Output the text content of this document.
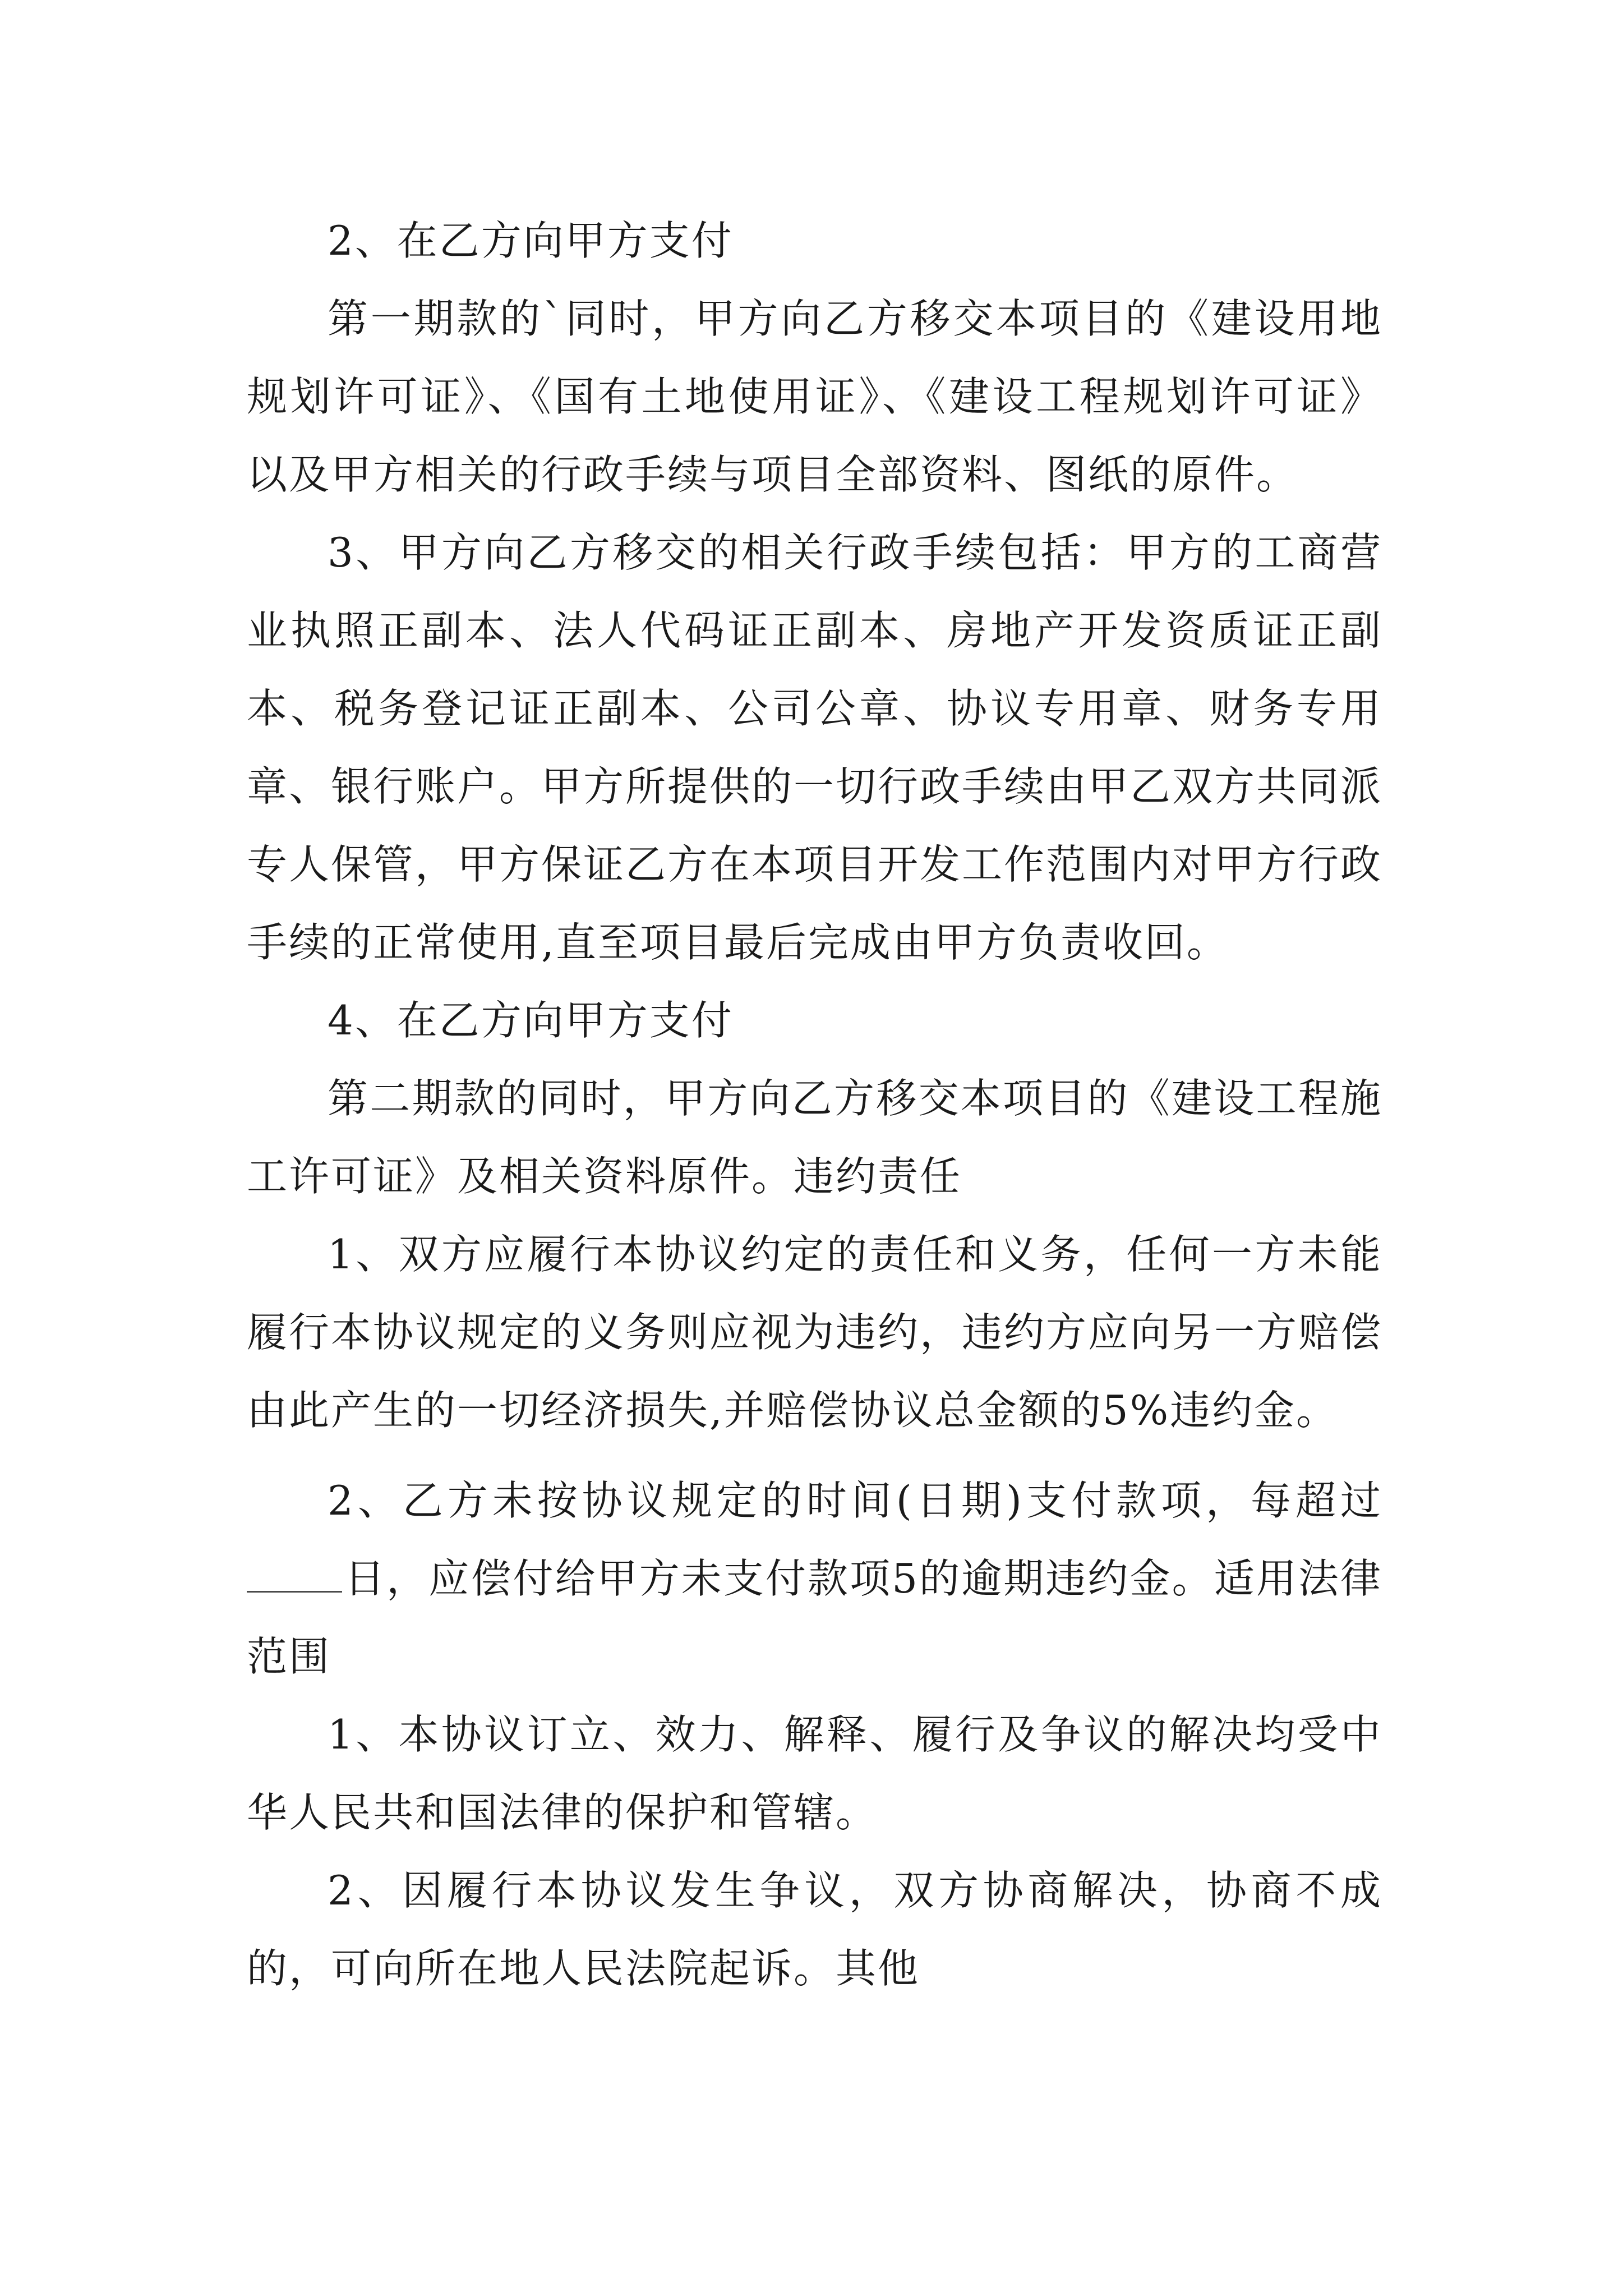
2、在乙方向甲方支付

第一期款的`同时，甲方向乙方移交本项目的《建设用地规划许可证》、《国有土地使用证》、《建设工程规划许可证》以及甲方相关的行政手续与项目全部资料、图纸的原件。

3、甲方向乙方移交的相关行政手续包括：甲方的工商营业执照正副本、法人代码证正副本、房地产开发资质证正副本、税务登记证正副本、公司公章、协议专用章、财务专用章、银行账户。甲方所提供的一切行政手续由甲乙双方共同派专人保管，甲方保证乙方在本项目开发工作范围内对甲方行政手续的正常使用,直至项目最后完成由甲方负责收回。

4、在乙方向甲方支付

第二期款的同时，甲方向乙方移交本项目的《建设工程施工许可证》及相关资料原件。违约责任

1、双方应履行本协议约定的责任和义务，任何一方未能履行本协议规定的义务则应视为违约，违约方应向另一方赔偿由此产生的一切经济损失,并赔偿协议总金额的5%违约金。

2、乙方未按协议规定的时间(日期)支付款项，每超过日，应偿付给甲方未支付款项5的逾期违约金。适用法律范围

1、本协议订立、效力、解释、履行及争议的解决均受中华人民共和国法律的保护和管辖。

2、因履行本协议发生争议，双方协商解决，协商不成的，可向所在地人民法院起诉。其他
